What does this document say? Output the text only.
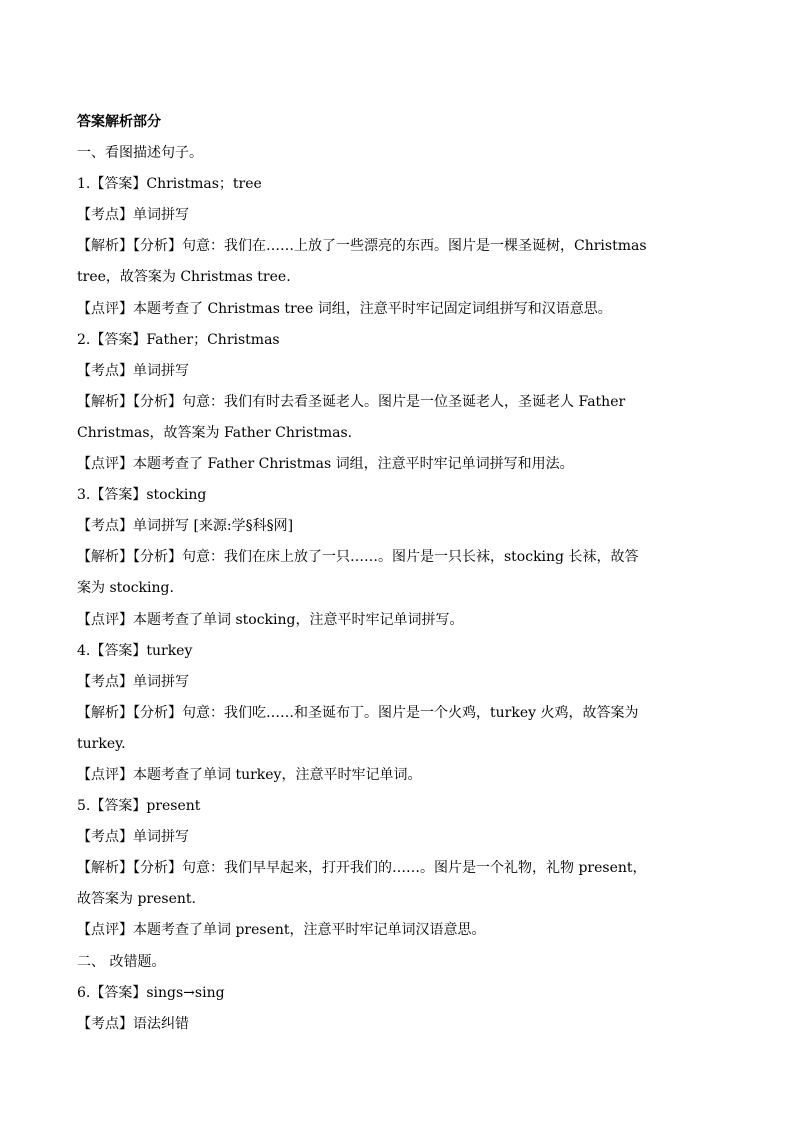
答案解析部分
一、看图描述句子。
1.【答案】Christmas；tree
【考点】单词拼写
【解析】【分析】句意：我们在……上放了一些漂亮的东西。图片是一棵圣诞树，Christmas
tree，故答案为 Christmas tree.
【点评】本题考查了 Christmas tree 词组，注意平时牢记固定词组拼写和汉语意思。
2.【答案】Father；Christmas
【考点】单词拼写
【解析】【分析】句意：我们有时去看圣诞老人。图片是一位圣诞老人，圣诞老人 Father
Christmas，故答案为 Father Christmas.
【点评】本题考查了 Father Christmas 词组，注意平时牢记单词拼写和用法。
3.【答案】stocking
【考点】单词拼写 [来源:学§科§网]
【解析】【分析】句意：我们在床上放了一只……。图片是一只长袜，stocking 长袜，故答
案为 stocking.
【点评】本题考查了单词 stocking，注意平时牢记单词拼写。
4.【答案】turkey
【考点】单词拼写
【解析】【分析】句意：我们吃……和圣诞布丁。图片是一个火鸡，turkey 火鸡，故答案为
turkey.
【点评】本题考查了单词 turkey，注意平时牢记单词。
5.【答案】present
【考点】单词拼写
【解析】【分析】句意：我们早早起来，打开我们的……。图片是一个礼物，礼物 present，
故答案为 present.
【点评】本题考查了单词 present，注意平时牢记单词汉语意思。
二、 改错题。
6.【答案】sings→sing
【考点】语法纠错
